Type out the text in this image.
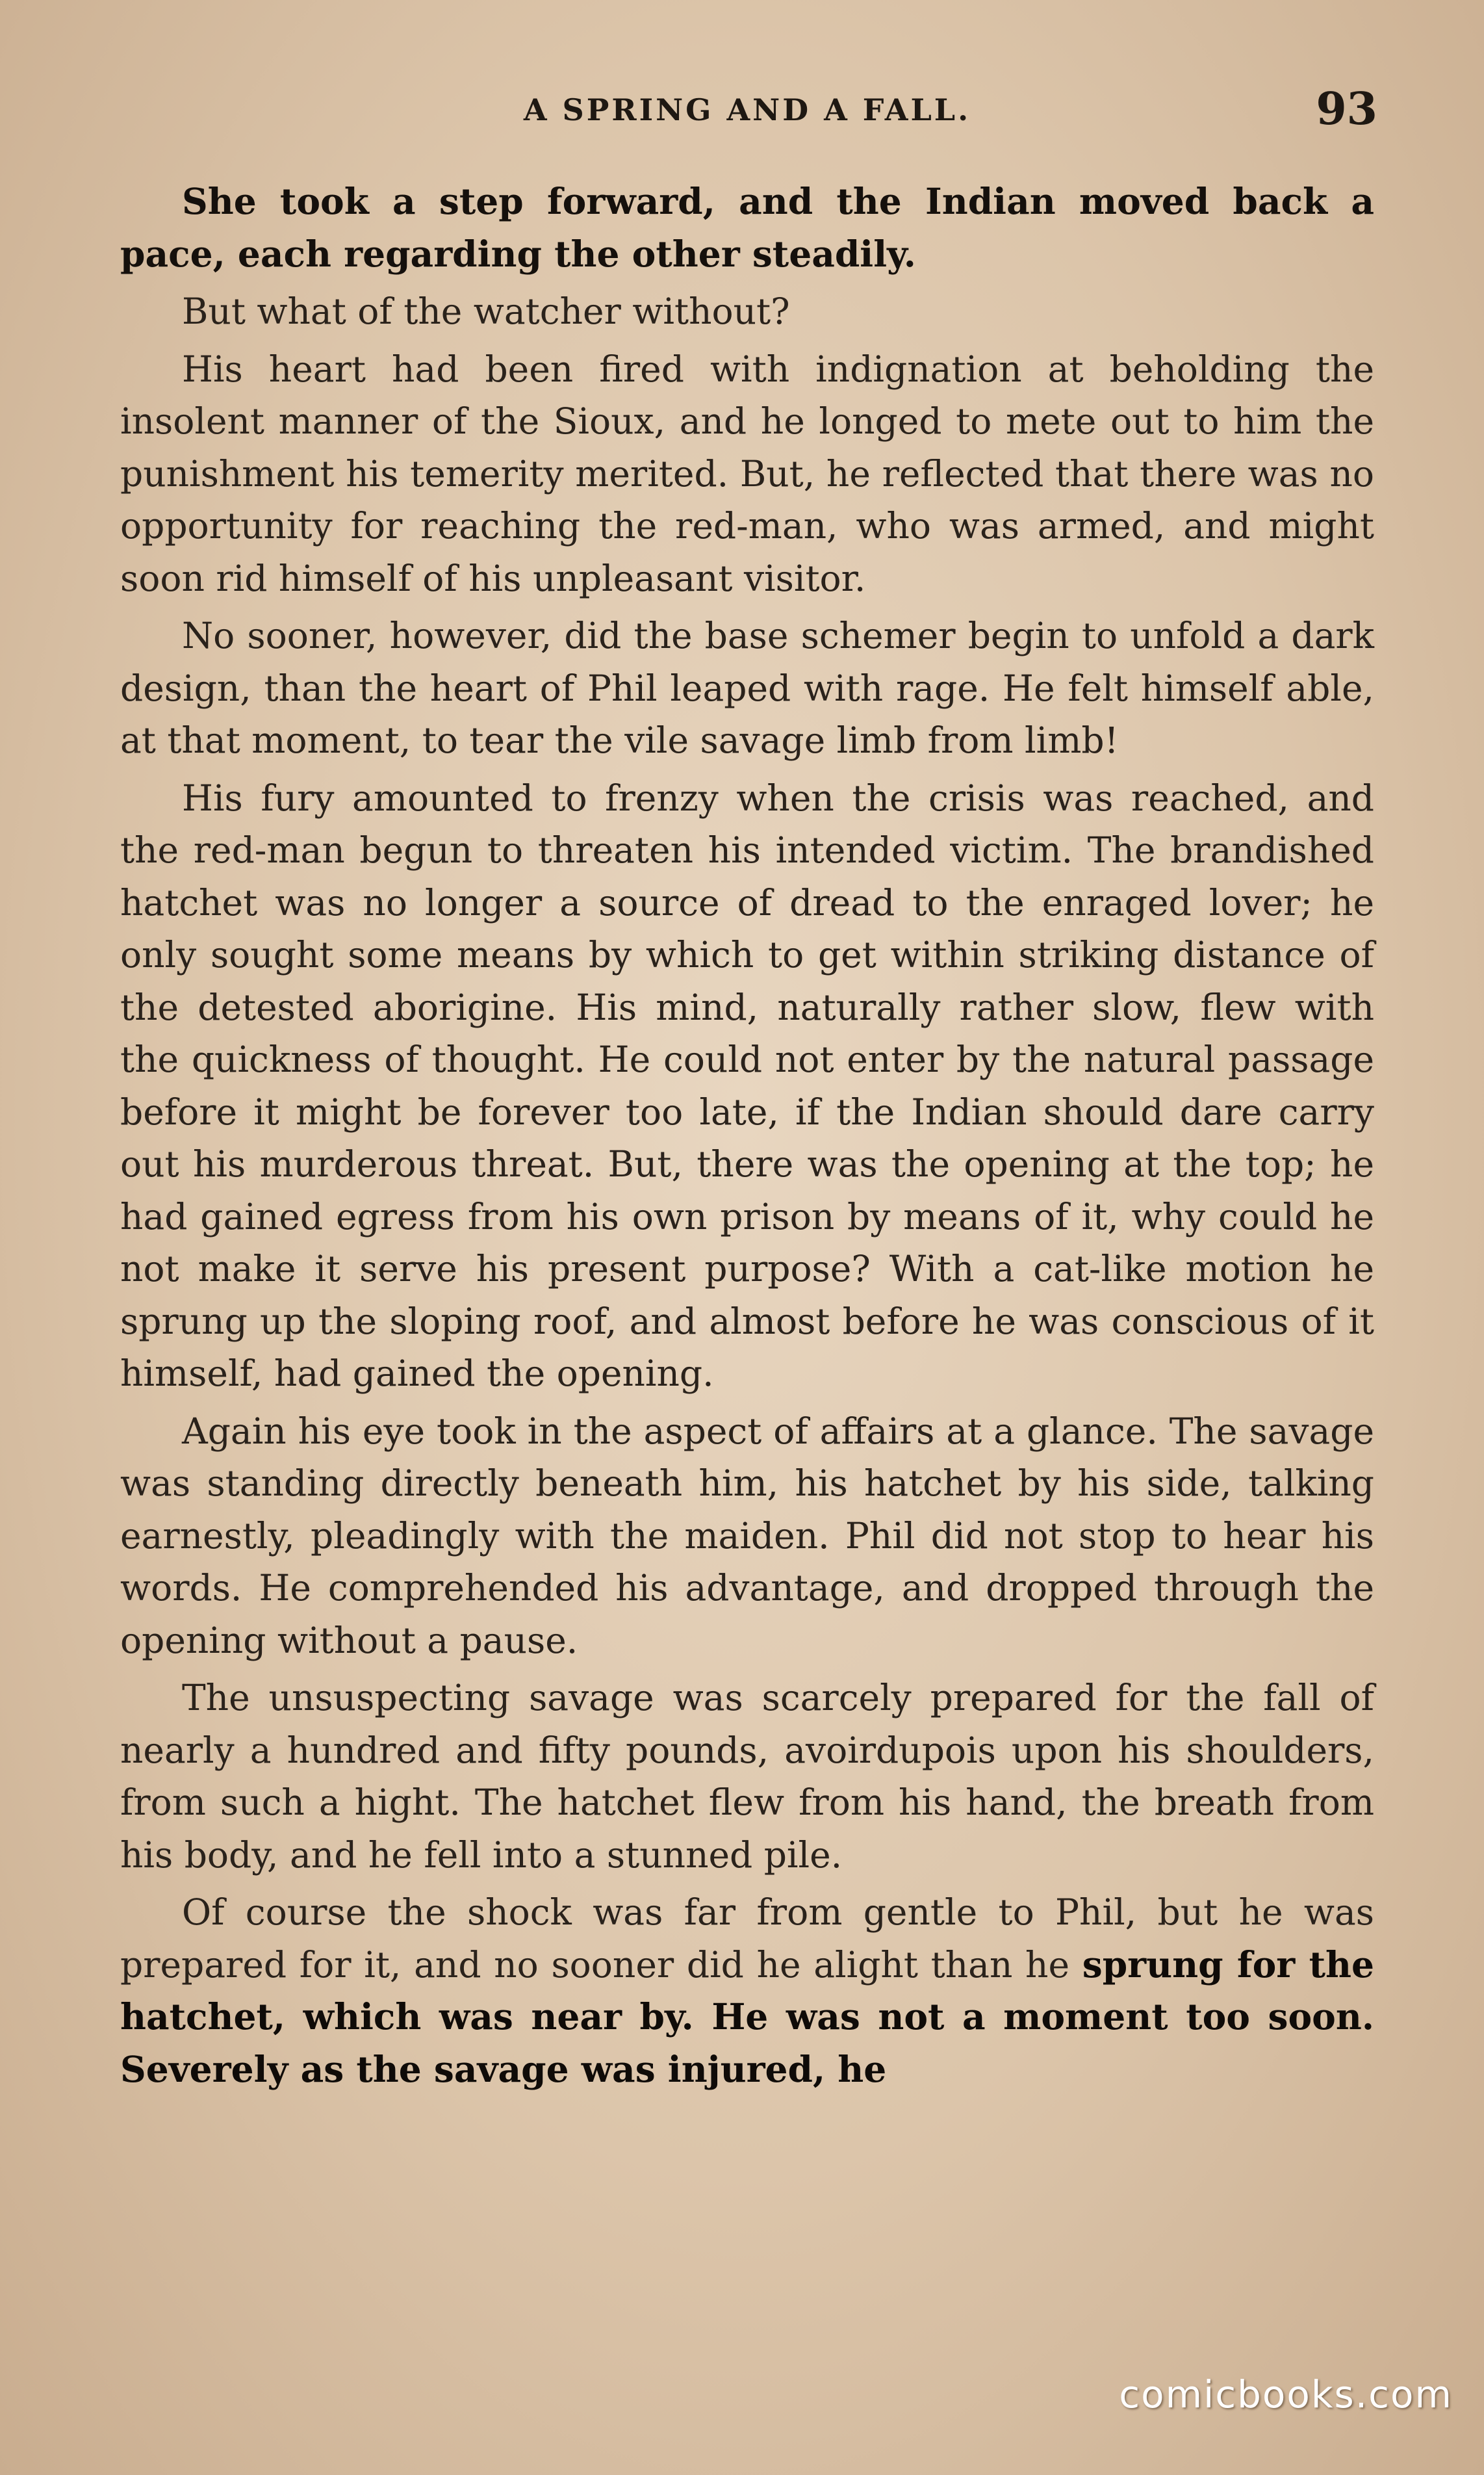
A SPRING AND A FALL.	93

She took a step forward, and the Indian moved back a pace, each regarding the other steadily.

But what of the watcher without?

His heart had been fired with indignation at beholding the insolent manner of the Sioux, and he longed to mete out to him the punishment his temerity merited. But, he reflected that there was no opportunity for reaching the red-man, who was armed, and might soon rid himself of his unpleasant visitor.

No sooner, however, did the base schemer begin to unfold a dark design, than the heart of Phil leaped with rage. He felt himself able, at that moment, to tear the vile savage limb from limb!

His fury amounted to frenzy when the crisis was reached, and the red-man begun to threaten his intended victim. The brandished hatchet was no longer a source of dread to the enraged lover; he only sought some means by which to get within striking distance of the detested aborigine. His mind, naturally rather slow, flew with the quickness of thought. He could not enter by the natural passage before it might be forever too late, if the Indian should dare carry out his murderous threat. But, there was the opening at the top; he had gained egress from his own prison by means of it, why could he not make it serve his present purpose? With a cat-like motion he sprung up the sloping roof, and almost before he was conscious of it himself, had gained the opening.

Again his eye took in the aspect of affairs at a glance. The savage was standing directly beneath him, his hatchet by his side, talking earnestly, pleadingly with the maiden. Phil did not stop to hear his words. He comprehended his advantage, and dropped through the opening without a pause.

The unsuspecting savage was scarcely prepared for the fall of nearly a hundred and fifty pounds, avoirdupois upon his shoulders, from such a hight. The hatchet flew from his hand, the breath from his body, and he fell into a stunned pile.

Of course the shock was far from gentle to Phil, but he was prepared for it, and no sooner did he alight than he sprung for the hatchet, which was near by. He was not a moment too soon. Severely as the savage was injured, he

comicbooks.com
